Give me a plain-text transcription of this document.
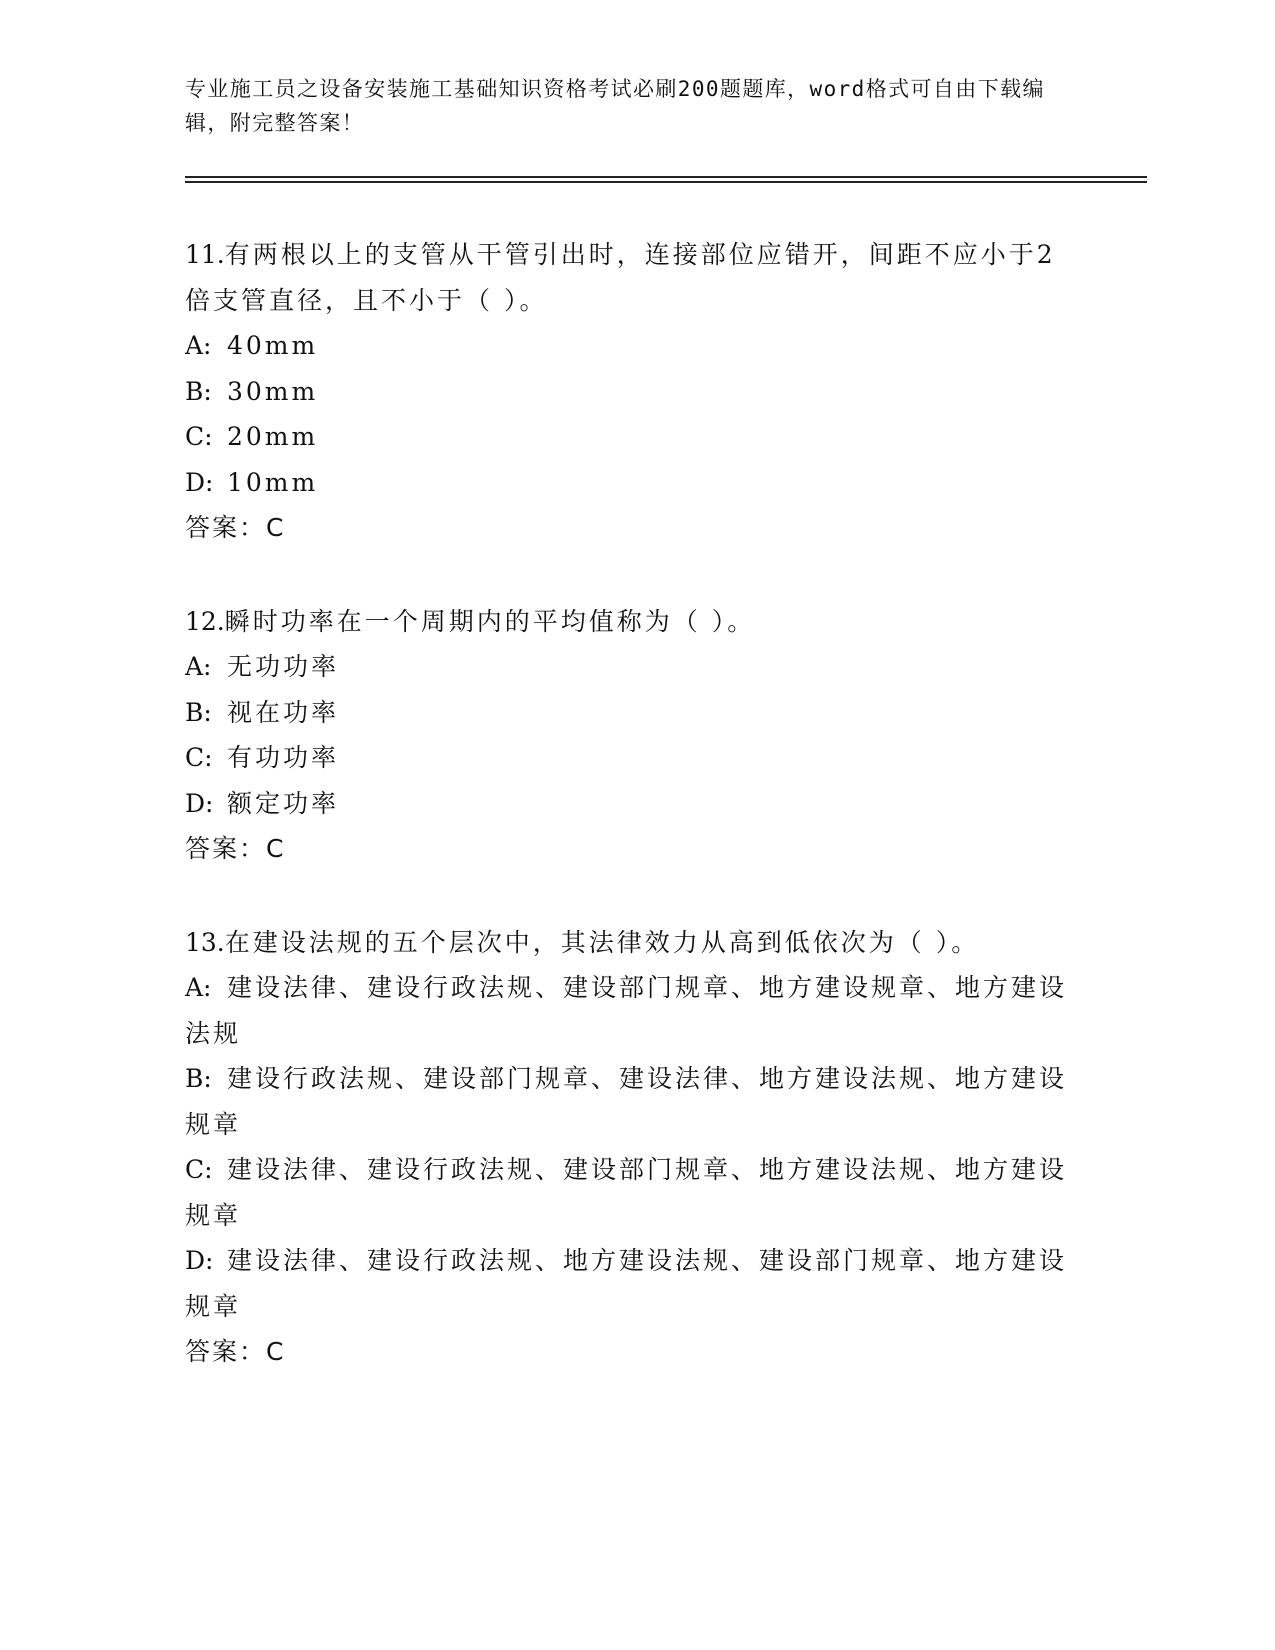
专业施工员之设备安装施工基础知识资格考试必刷200题题库，word格式可自由下载编辑，附完整答案！
11.有两根以上的支管从干管引出时，连接部位应错开，间距不应小于2倍支管直径，且不小于（ ）。
A: 40mm
B: 30mm
C: 20mm
D: 10mm
答案：C
12.瞬时功率在一个周期内的平均值称为（ ）。
A: 无功功率
B: 视在功率
C: 有功功率
D: 额定功率
答案：C
13.在建设法规的五个层次中，其法律效力从高到低依次为（ ）。
A: 建设法律、建设行政法规、建设部门规章、地方建设规章、地方建设法规
B: 建设行政法规、建设部门规章、建设法律、地方建设法规、地方建设规章
C: 建设法律、建设行政法规、建设部门规章、地方建设法规、地方建设规章
D: 建设法律、建设行政法规、地方建设法规、建设部门规章、地方建设规章
答案：C
